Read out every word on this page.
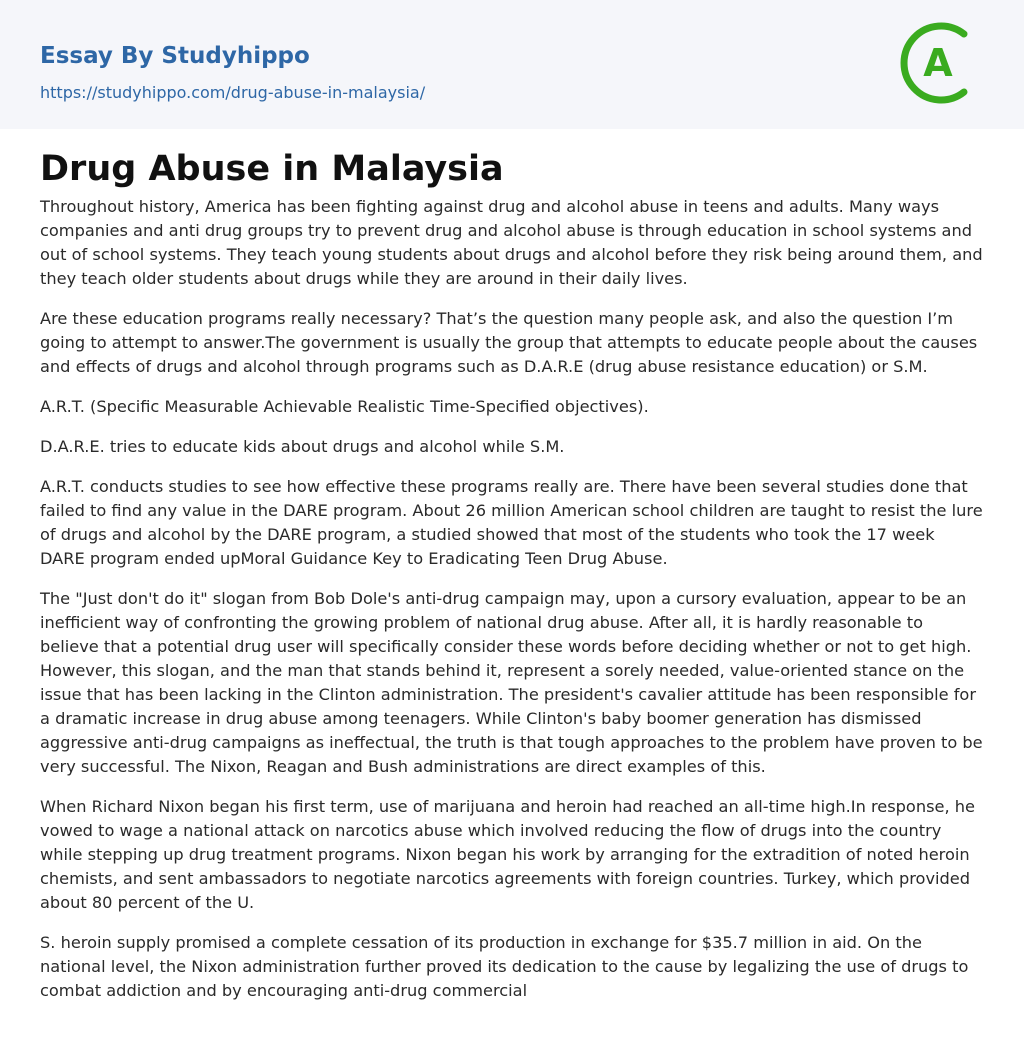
Essay By Studyhippo
https://studyhippo.com/drug-abuse-in-malaysia/
A
Drug Abuse in Malaysia

Throughout history, America has been fighting against drug and alcohol abuse in teens and adults. Many ways companies and anti drug groups try to prevent drug and alcohol abuse is through education in school systems and out of school systems. They teach young students about drugs and alcohol before they risk being around them, and they teach older students about drugs while they are around in their daily lives.

Are these education programs really necessary? That’s the question many people ask, and also the question I’m going to attempt to answer.The government is usually the group that attempts to educate people about the causes and effects of drugs and alcohol through programs such as D.A.R.E (drug abuse resistance education) or S.M.

A.R.T. (Specific Measurable Achievable Realistic Time-Specified objectives).

D.A.R.E. tries to educate kids about drugs and alcohol while S.M.

A.R.T. conducts studies to see how effective these programs really are. There have been several studies done that failed to find any value in the DARE program. About 26 million American school children are taught to resist the lure of drugs and alcohol by the DARE program, a studied showed that most of the students who took the 17 week DARE program ended upMoral Guidance Key to Eradicating Teen Drug Abuse.

The "Just don't do it" slogan from Bob Dole's anti-drug campaign may, upon a cursory evaluation, appear to be an inefficient way of confronting the growing problem of national drug abuse. After all, it is hardly reasonable to believe that a potential drug user will specifically consider these words before deciding whether or not to get high. However, this slogan, and the man that stands behind it, represent a sorely needed, value-oriented stance on the issue that has been lacking in the Clinton administration. The president's cavalier attitude has been responsible for a dramatic increase in drug abuse among teenagers. While Clinton's baby boomer generation has dismissed aggressive anti-drug campaigns as ineffectual, the truth is that tough approaches to the problem have proven to be very successful. The Nixon, Reagan and Bush administrations are direct examples of this.

When Richard Nixon began his first term, use of marijuana and heroin had reached an all-time high.In response, he vowed to wage a national attack on narcotics abuse which involved reducing the flow of drugs into the country while stepping up drug treatment programs. Nixon began his work by arranging for the extradition of noted heroin chemists, and sent ambassadors to negotiate narcotics agreements with foreign countries. Turkey, which provided about 80 percent of the U.

S. heroin supply promised a complete cessation of its production in exchange for $35.7 million in aid. On the national level, the Nixon administration further proved its dedication to the cause by legalizing the use of drugs to combat addiction and by encouraging anti-drug commercial
